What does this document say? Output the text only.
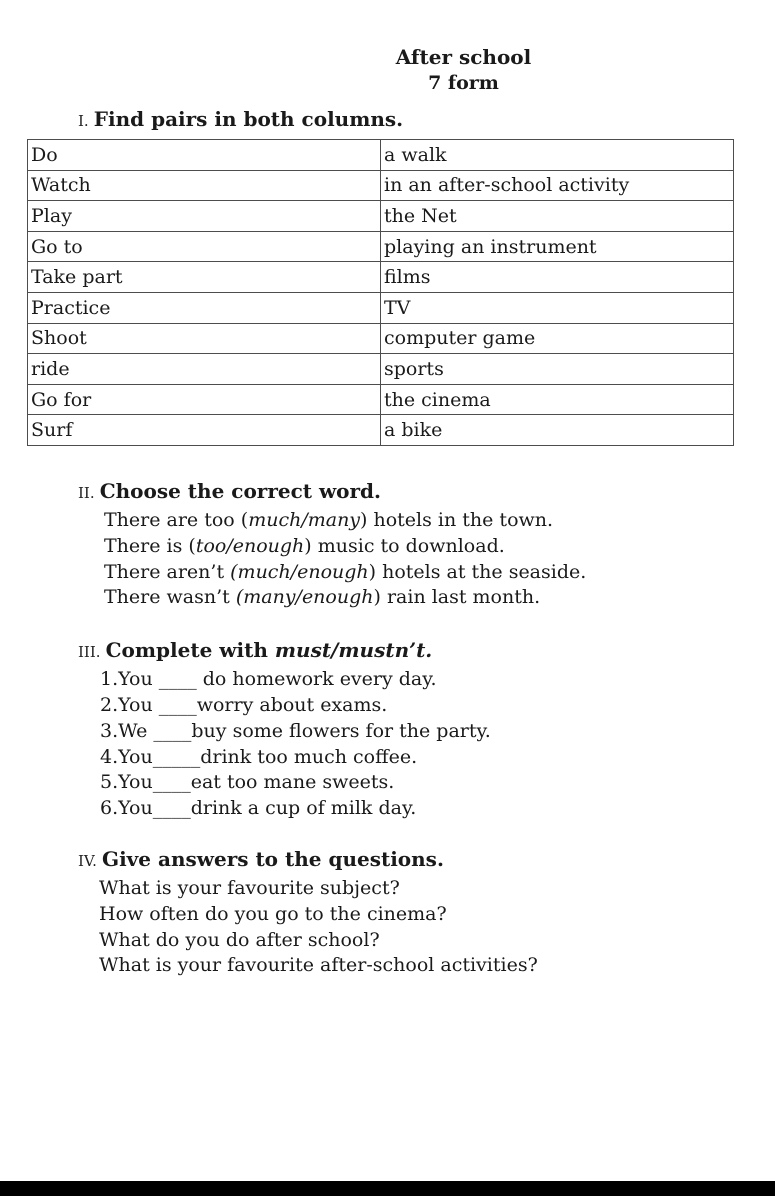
After school
7 form
I. Find pairs in both columns.
Do	a walk
Watch	in an after-school activity
Play	the Net
Go to	playing an instrument
Take part	films
Practice	TV
Shoot	computer game
ride	sports
Go for	the cinema
Surf	a bike
II. Choose the correct word.
There are too (much/many) hotels in the town.
There is (too/enough) music to download.
There aren’t (much/enough) hotels at the seaside.
There wasn’t (many/enough) rain last month.
III. Complete with must/mustn’t.
1.You ____ do homework every day.
2.You ____worry about exams.
3.We ____buy some flowers for the party.
4.You_____drink too much coffee.
5.You____eat too mane sweets.
6.You____drink a cup of milk day.
IV. Give answers to the questions.
What is your favourite subject?
How often do you go to the cinema?
What do you do after school?
What is your favourite after-school activities?
